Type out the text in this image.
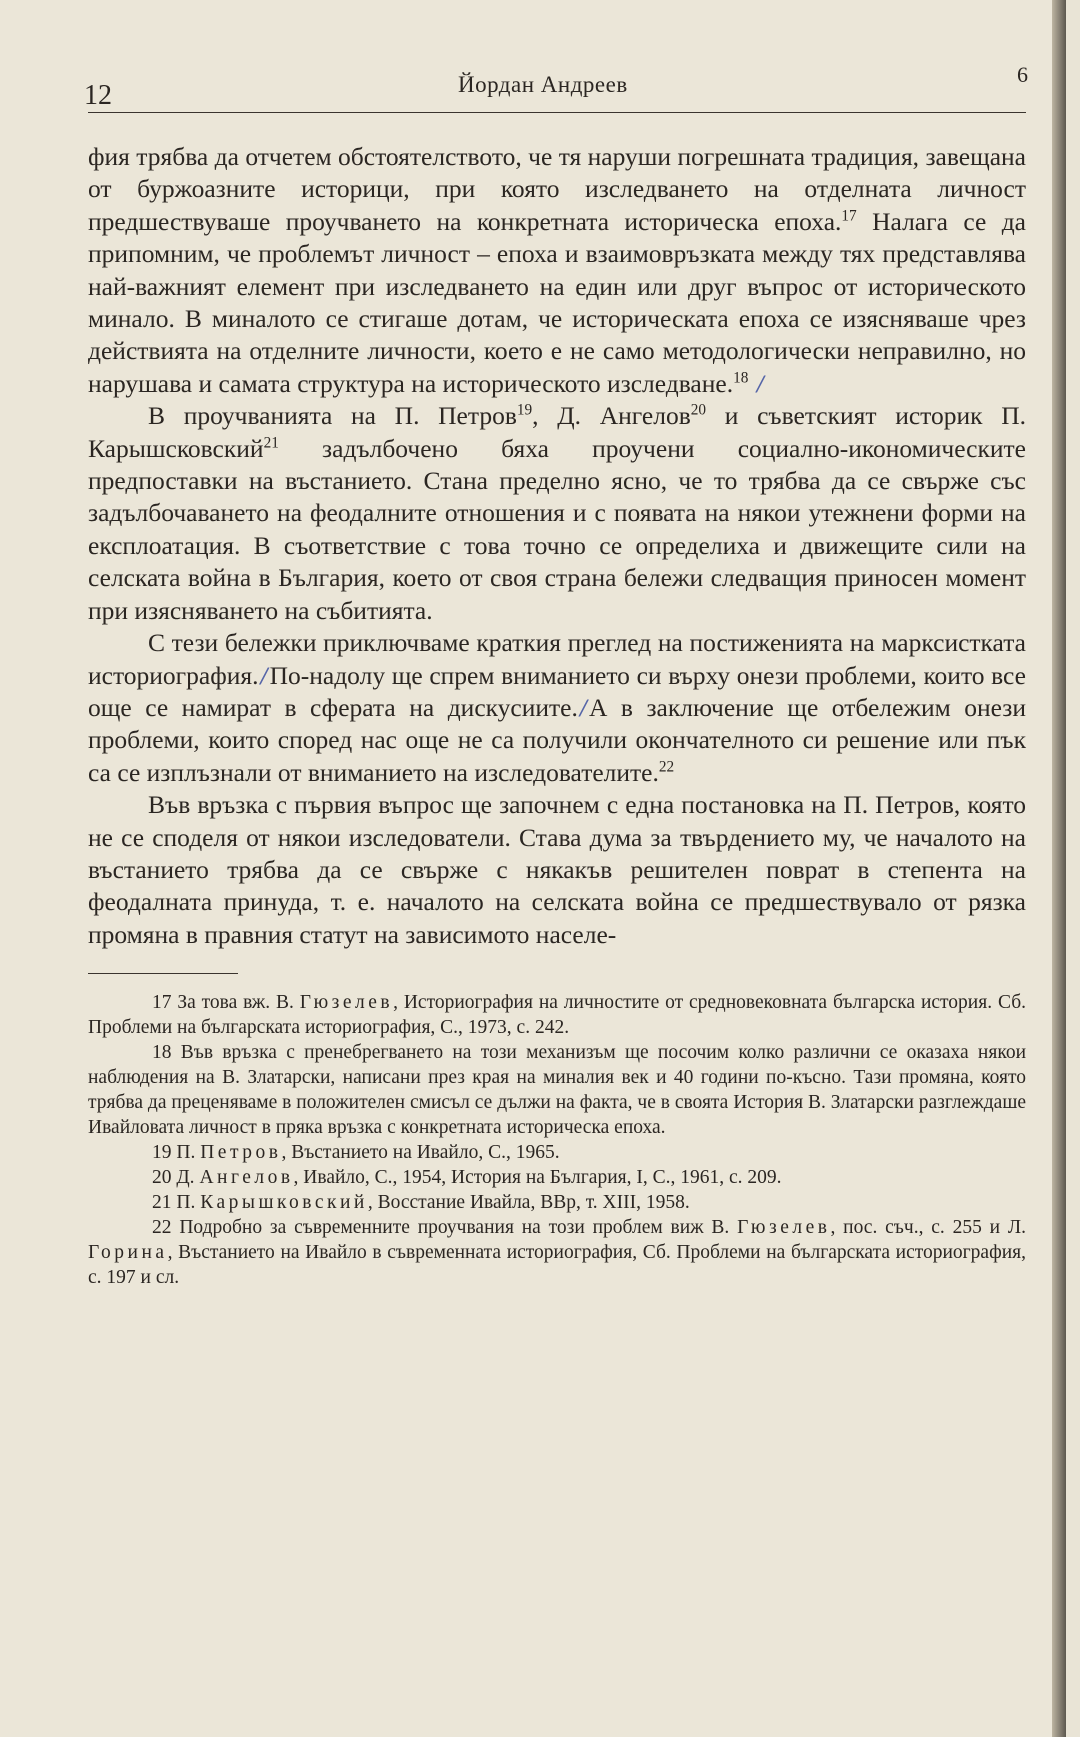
12	Йордан Андреев	6

фия трябва да отчетем обстоятелството, че тя наруши погрешната традиция, завещана от буржоазните историци, при която изследването на отделната личност предшествуваше проучването на конкретната историческа епоха.$^{17}$ Налага се да припомним, че проблемът личност – епоха и взаимовръзката между тях представлява най-важният елемент при изследването на един или друг въпрос от историческото минало. В миналото се стигаше дотам, че историческата епоха се изясняваше чрез действията на отделните личности, което е не само методологически неправилно, но нарушава и самата структура на историческото изследване.$^{18}$ /

В проучванията на П. Петров$^{19}$, Д. Ангелов$^{20}$ и съветският историк П. Карышсковский$^{21}$ задълбочено бяха проучени социално-икономическите предпоставки на въстанието. Стана пределно ясно, че то трябва да се свърже със задълбочаването на феодалните отношения и с появата на някои утежнени форми на експлоатация. В съответствие с това точно се определиха и движещите сили на селската война в България, което от своя страна бележи следващия приносен момент при изясняването на събитията.

С тези бележки приключваме краткия преглед на постиженията на марксистката историография./По-надолу ще спрем вниманието си върху онези проблеми, които все още се намират в сферата на дискусиите./А в заключение ще отбележим онези проблеми, които според нас още не са получили окончателното си решение или пък са се изплъзнали от вниманието на изследователите.$^{22}$

Във връзка с първия въпрос ще започнем с една постановка на П. Петров, която не се споделя от някои изследователи. Става дума за твърдението му, че началото на въстанието трябва да се свърже с някакъв решителен поврат в степента на феодалната принуда, т. е. началото на селската война се предшествувало от рязка промяна в правния статут на зависимото населе-

17 За това вж. В. Гюзелев, Историография на личностите от средновековната българска история. Сб. Проблеми на българската историография, С., 1973, с. 242.

18 Във връзка с пренебрегването на този механизъм ще посочим колко различни се оказаха някои наблюдения на В. Златарски, написани през края на миналия век и 40 години по-късно. Тази промяна, която трябва да преценяваме в положителен смисъл се дължи на факта, че в своята История В. Златарски разглеждаше Ивайловата личност в пряка връзка с конкретната историческа епоха.

19 П. Петров, Въстанието на Ивайло, С., 1965.

20 Д. Ангелов, Ивайло, С., 1954, История на България, I, С., 1961, с. 209.

21 П. Карышковский, Восстание Ивайла, ВВр, т. XIII, 1958.

22 Подробно за съвременните проучвания на този проблем виж В. Гюзелев, пос. съч., с. 255 и Л. Горина, Въстанието на Ивайло в съвременната историография, Сб. Проблеми на българската историография, с. 197 и сл.
